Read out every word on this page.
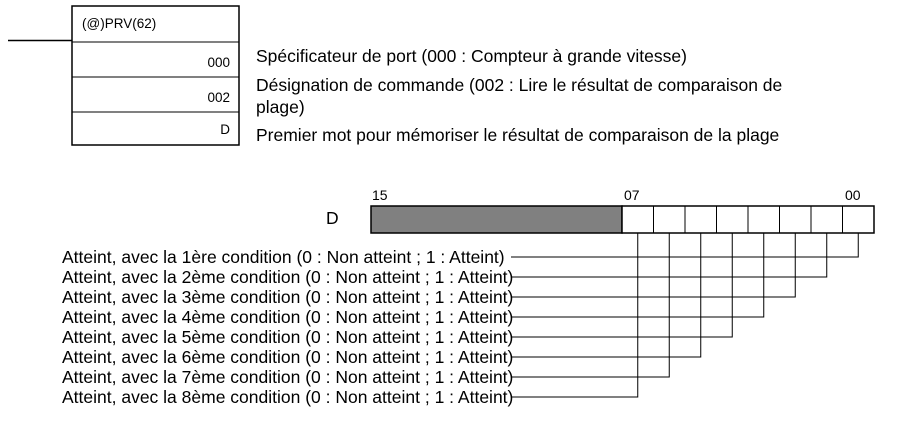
(@)PRV(62)
000
002
D
Spécificateur de port (000 : Compteur à grande vitesse)
Désignation de commande (002 : Lire le résultat de comparaison de
plage)
Premier mot pour mémoriser le résultat de comparaison de la plage
15	07	00
D
Atteint, avec la 1ère condition (0 : Non atteint ; 1 : Atteint)
Atteint, avec la 2ème condition (0 : Non atteint ; 1 : Atteint)
Atteint, avec la 3ème condition (0 : Non atteint ; 1 : Atteint)
Atteint, avec la 4ème condition (0 : Non atteint ; 1 : Atteint)
Atteint, avec la 5ème condition (0 : Non atteint ; 1 : Atteint)
Atteint, avec la 6ème condition (0 : Non atteint ; 1 : Atteint)
Atteint, avec la 7ème condition (0 : Non atteint ; 1 : Atteint)
Atteint, avec la 8ème condition (0 : Non atteint ; 1 : Atteint)
